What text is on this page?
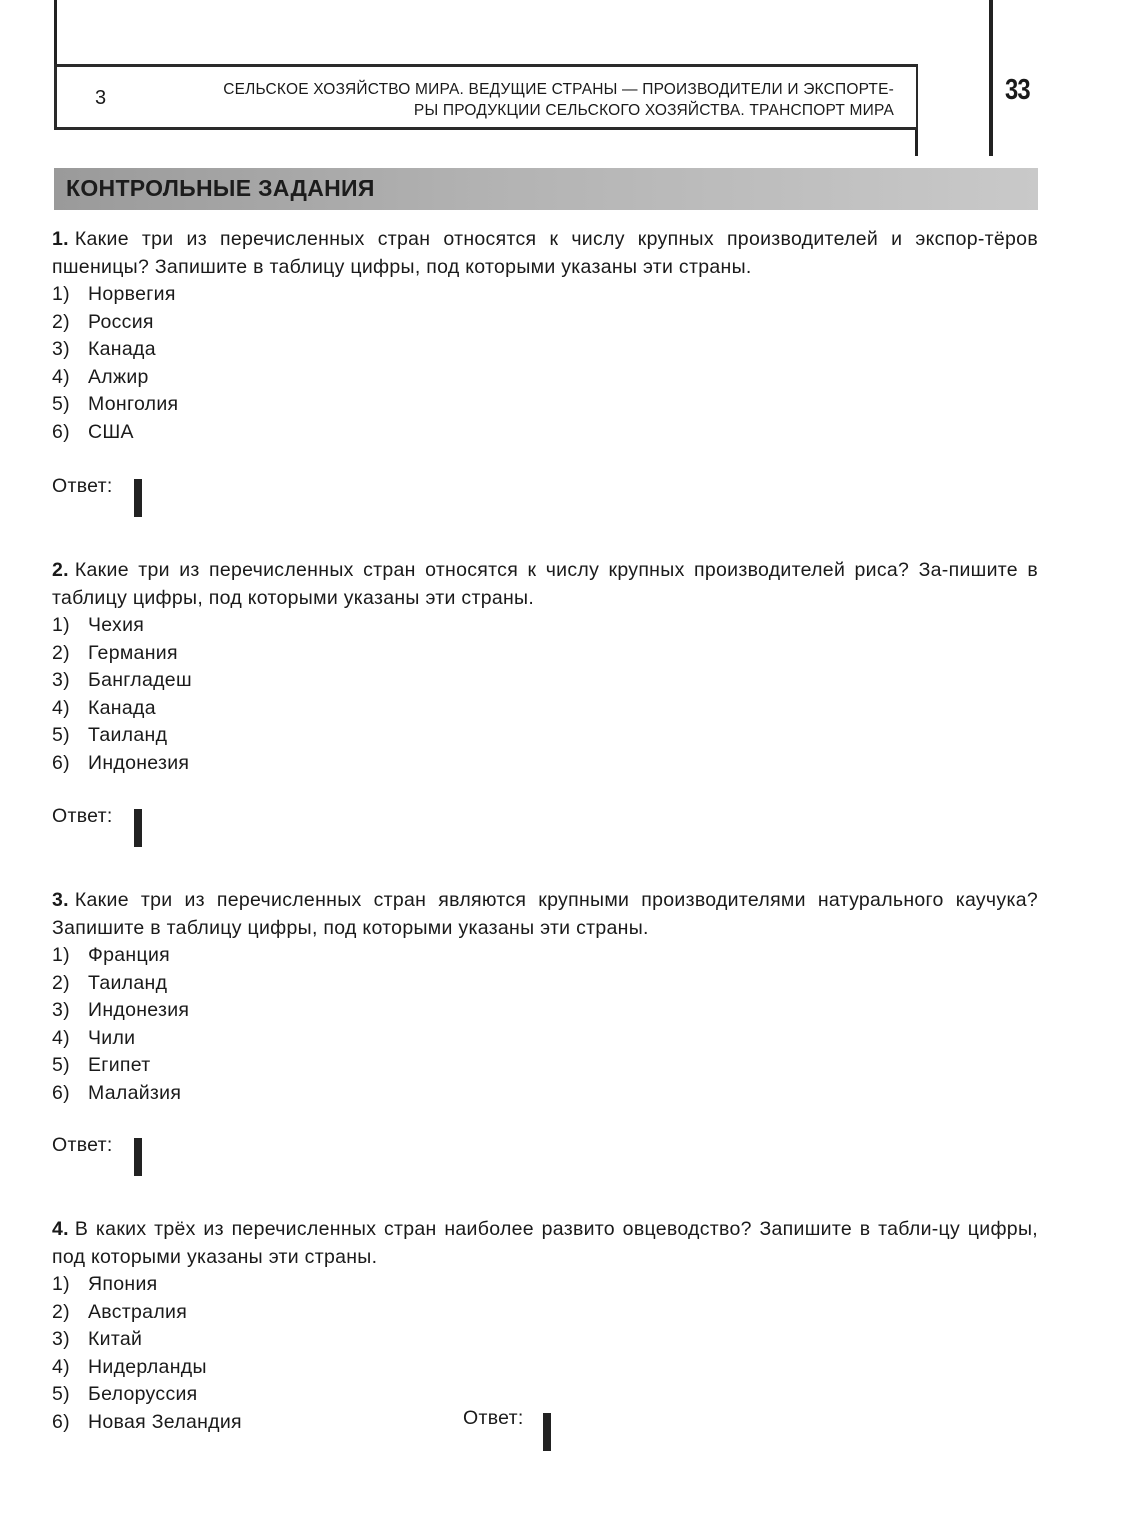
3	СЕЛЬСКОЕ ХОЗЯЙСТВО МИРА. ВЕДУЩИЕ СТРАНЫ — ПРОИЗВОДИТЕЛИ И ЭКСПОРТЕ-
РЫ ПРОДУКЦИИ СЕЛЬСКОГО ХОЗЯЙСТВА. ТРАНСПОРТ МИРА
33
КОНТРОЛЬНЫЕ ЗАДАНИЯ

1. Какие три из перечисленных стран относятся к числу крупных производителей и экспор-тёров пшеницы? Запишите в таблицу цифры, под которыми указаны эти страны.

1) Норвегия
2) Россия
3) Канада
4) Алжир
5) Монголия
6) США
Ответ:

2. Какие три из перечисленных стран относятся к числу крупных производителей риса? За-пишите в таблицу цифры, под которыми указаны эти страны.

1) Чехия
2) Германия
3) Бангладеш
4) Канада
5) Таиланд
6) Индонезия
Ответ:

3. Какие три из перечисленных стран являются крупными производителями натурального каучука? Запишите в таблицу цифры, под которыми указаны эти страны.

1) Франция
2) Таиланд
3) Индонезия
4) Чили
5) Египет
6) Малайзия
Ответ:

4. В каких трёх из перечисленных стран наиболее развито овцеводство? Запишите в табли-цу цифры, под которыми указаны эти страны.

1) Япония
2) Австралия
3) Китай
4) Нидерланды
5) Белоруссия
6) Новая Зеландия	Ответ:
